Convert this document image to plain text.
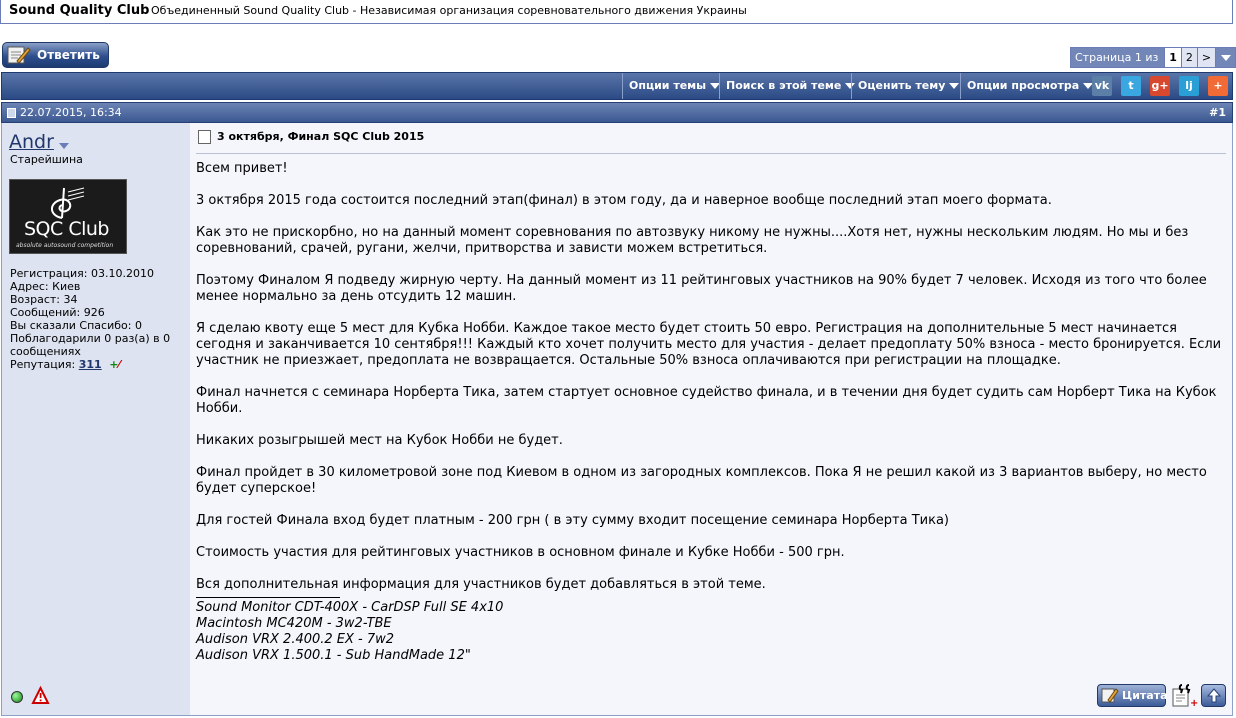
Sound Quality Club Объединенный Sound Quality Club - Независимая организация соревновательного движения Украины
Ответить	Страница 1 из 1 2 >
Опции темы	Поиск в этой теме	Оценить тему	Опции просмотра	vk	t	g+	lj	+
22.07.2015, 16:34	#1
Andr
Старейшина
SQC Club
absolute autosound competition
Регистрация: 03.10.2010
Адрес: Киев
Возраст: 34
Сообщений: 926
Вы сказали Спасибо: 0
Поблагодарили 0 раз(а) в 0 сообщениях
Репутация: 311 +⁄
3 октября, Финал SQC Club 2015

Всем привет!

3 октября 2015 года состоится последний этап(финал) в этом году, да и наверное вообще последний этап моего формата.

Как это не прискорбно, но на данный момент соревнования по автозвуку никому не нужны....Хотя нет, нужны нескольким людям. Но мы и без соревнований, срачей, ругани, желчи, притворства и зависти можем встретиться.

Поэтому Финалом Я подведу жирную черту. На данный момент из 11 рейтинговых участников на 90% будет 7 человек. Исходя из того что более менее нормально за день отсудить 12 машин.

Я сделаю квоту еще 5 мест для Кубка Нобби. Каждое такое место будет стоить 50 евро. Регистрация на дополнительные 5 мест начинается сегодня и заканчивается 10 сентября!!! Каждый кто хочет получить место для участия - делает предоплату 50% взноса - место бронируется. Если участник не приезжает, предоплата не возвращается. Остальные 50% взноса оплачиваются при регистрации на площадке.

Финал начнется с семинара Норберта Тика, затем стартует основное судейство финала, и в течении дня будет судить сам Норберт Тика на Кубок Нобби.

Никаких розыгрышей мест на Кубок Нобби не будет.

Финал пройдет в 30 километровой зоне под Киевом в одном из загородных комплексов. Пока Я не решил какой из 3 вариантов выберу, но место будет суперское!

Для гостей Финала вход будет платным - 200 грн ( в эту сумму входит посещение семинара Норберта Тика)

Стоимость участия для рейтинговых участников в основном финале и Кубке Нобби - 500 грн.

Вся дополнительная информация для участников будет добавляться в этой теме.

Sound Monitor CDT-400X - CarDSP Full SE 4x10
Macintosh MC420M - 3w2-TBE
Audison VRX 2.400.2 EX - 7w2
Audison VRX 1.500.1 - Sub HandMade 12"
Цитата
+
